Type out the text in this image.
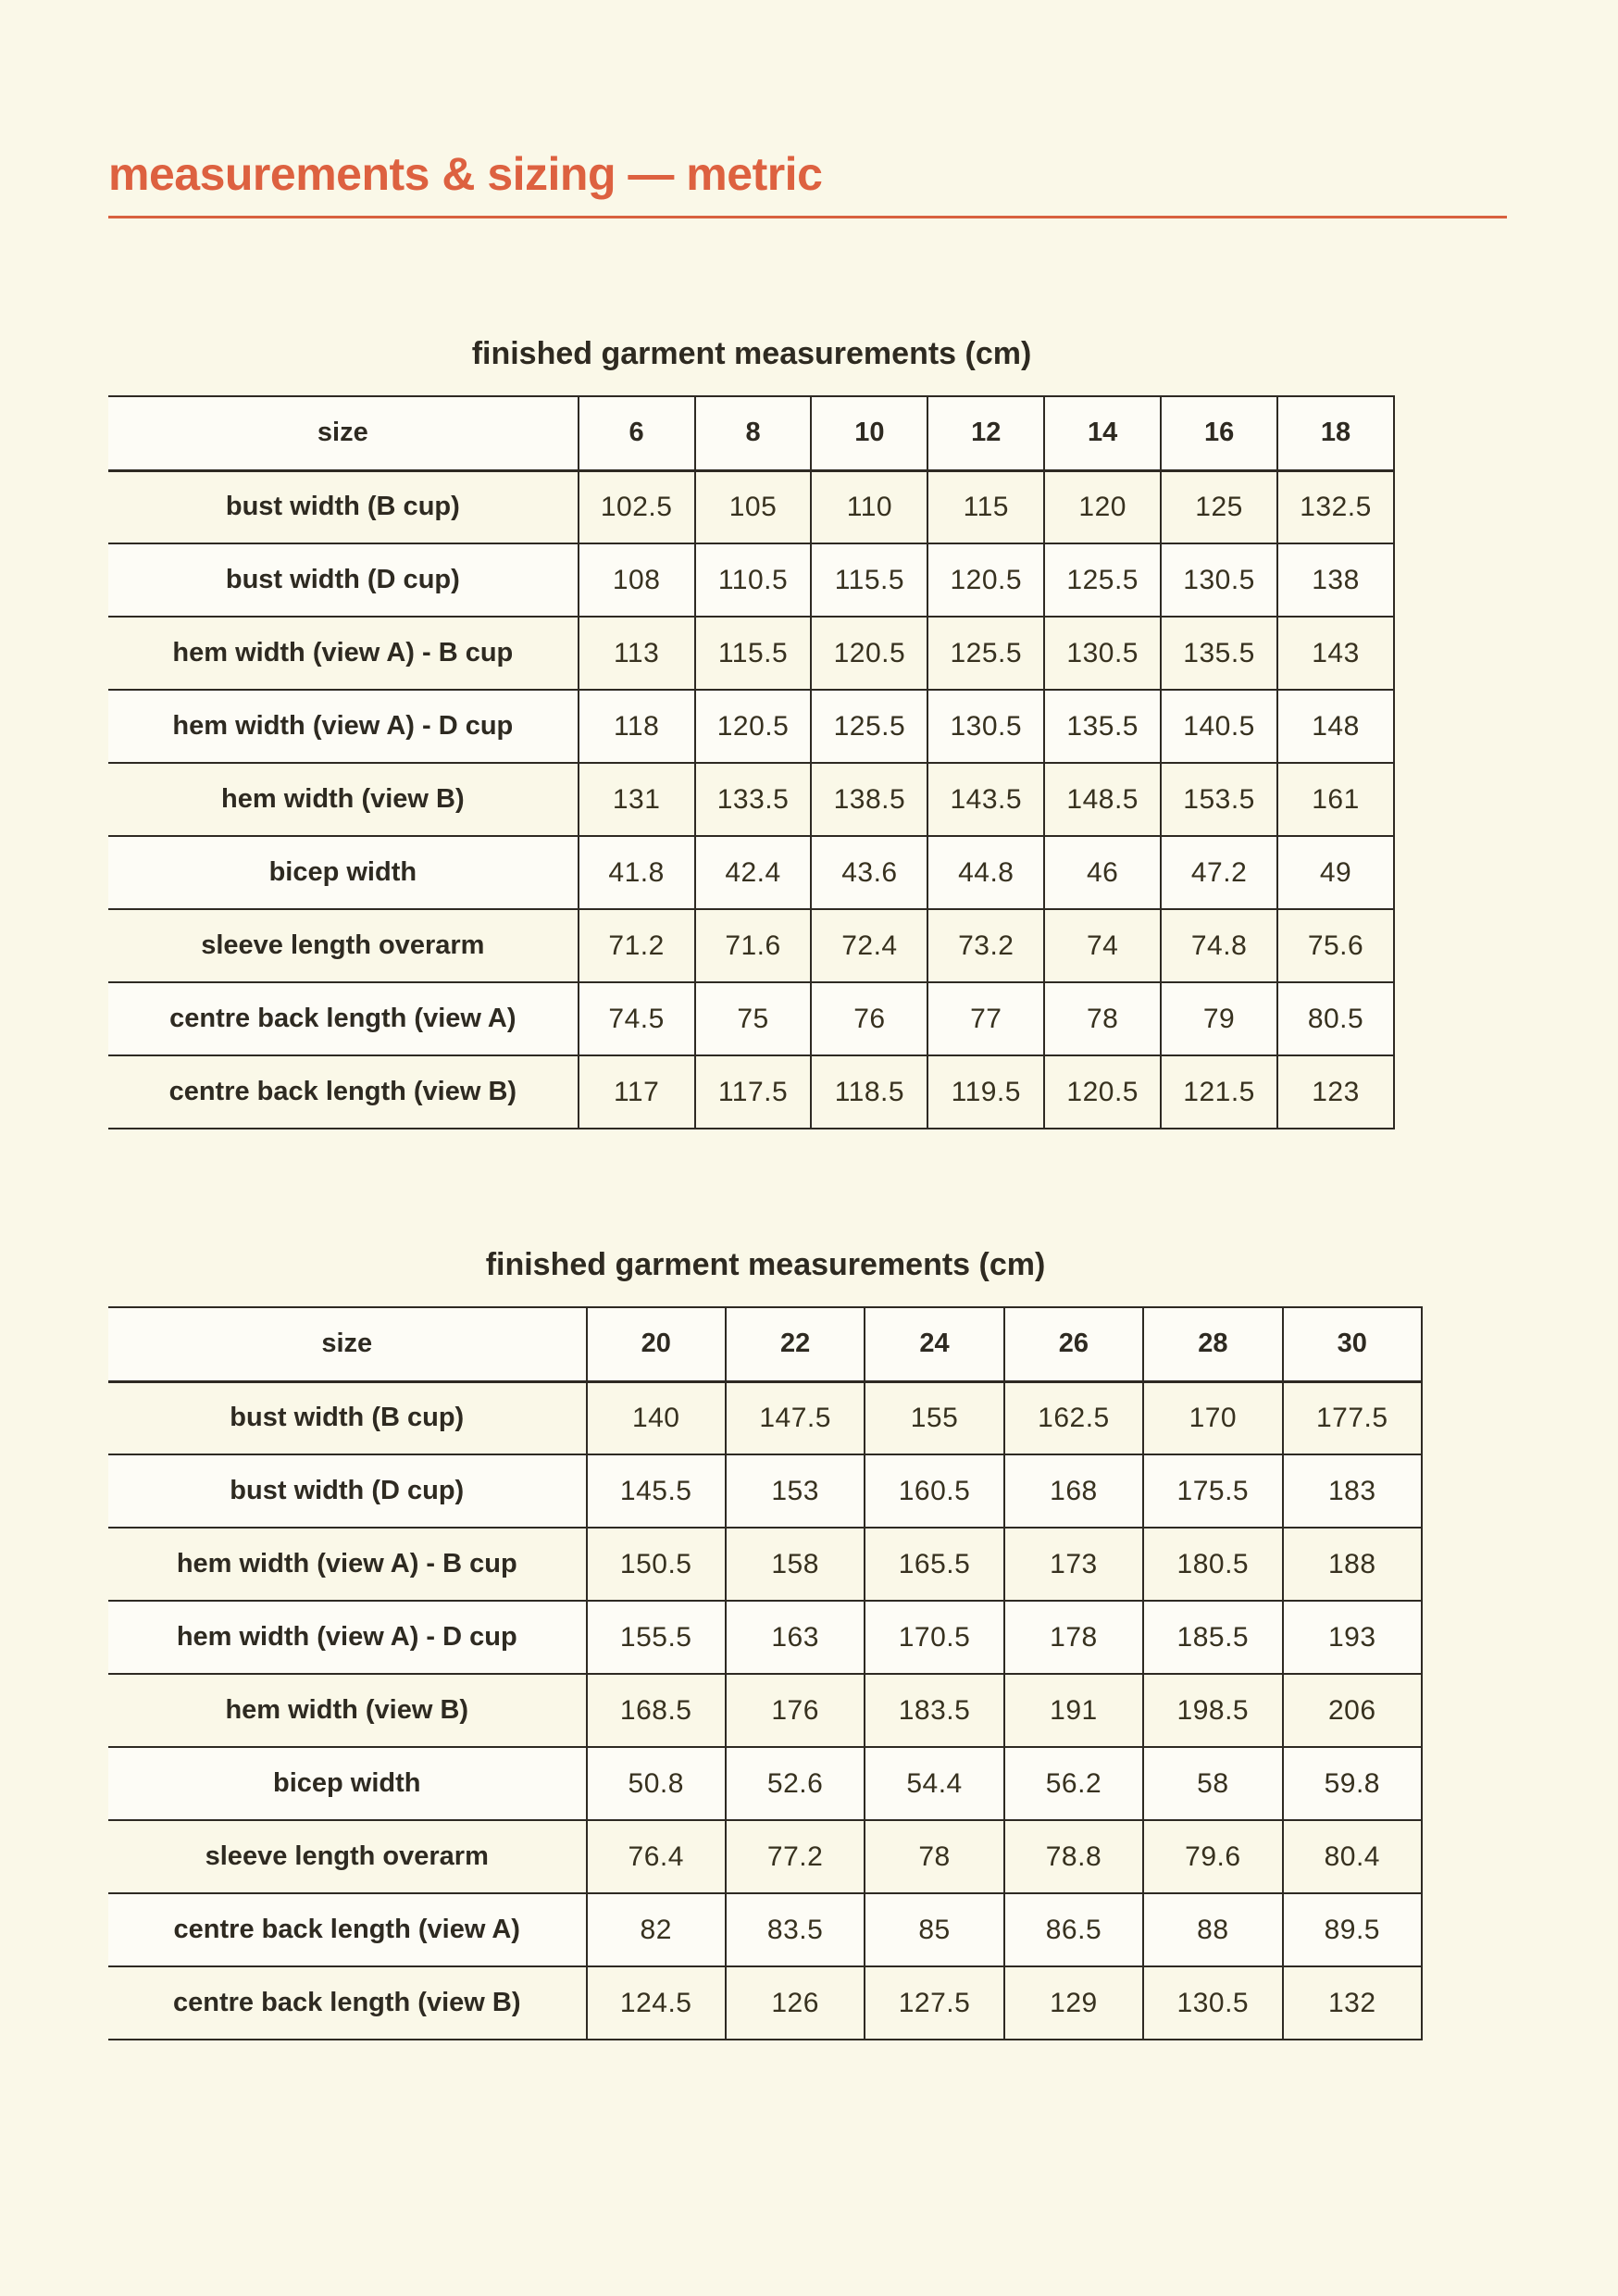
measurements & sizing — metric
finished garment measurements (cm)
size	6	8	10	12	14	16	18
bust width (B cup)	102.5	105	110	115	120	125	132.5
bust width (D cup)	108	110.5	115.5	120.5	125.5	130.5	138
hem width (view A) - B cup	113	115.5	120.5	125.5	130.5	135.5	143
hem width (view A) - D cup	118	120.5	125.5	130.5	135.5	140.5	148
hem width (view B)	131	133.5	138.5	143.5	148.5	153.5	161
bicep width	41.8	42.4	43.6	44.8	46	47.2	49
sleeve length overarm	71.2	71.6	72.4	73.2	74	74.8	75.6
centre back length (view A)	74.5	75	76	77	78	79	80.5
centre back length (view B)	117	117.5	118.5	119.5	120.5	121.5	123
finished garment measurements (cm)
size	20	22	24	26	28	30
bust width (B cup)	140	147.5	155	162.5	170	177.5
bust width (D cup)	145.5	153	160.5	168	175.5	183
hem width (view A) - B cup	150.5	158	165.5	173	180.5	188
hem width (view A) - D cup	155.5	163	170.5	178	185.5	193
hem width (view B)	168.5	176	183.5	191	198.5	206
bicep width	50.8	52.6	54.4	56.2	58	59.8
sleeve length overarm	76.4	77.2	78	78.8	79.6	80.4
centre back length (view A)	82	83.5	85	86.5	88	89.5
centre back length (view B)	124.5	126	127.5	129	130.5	132
